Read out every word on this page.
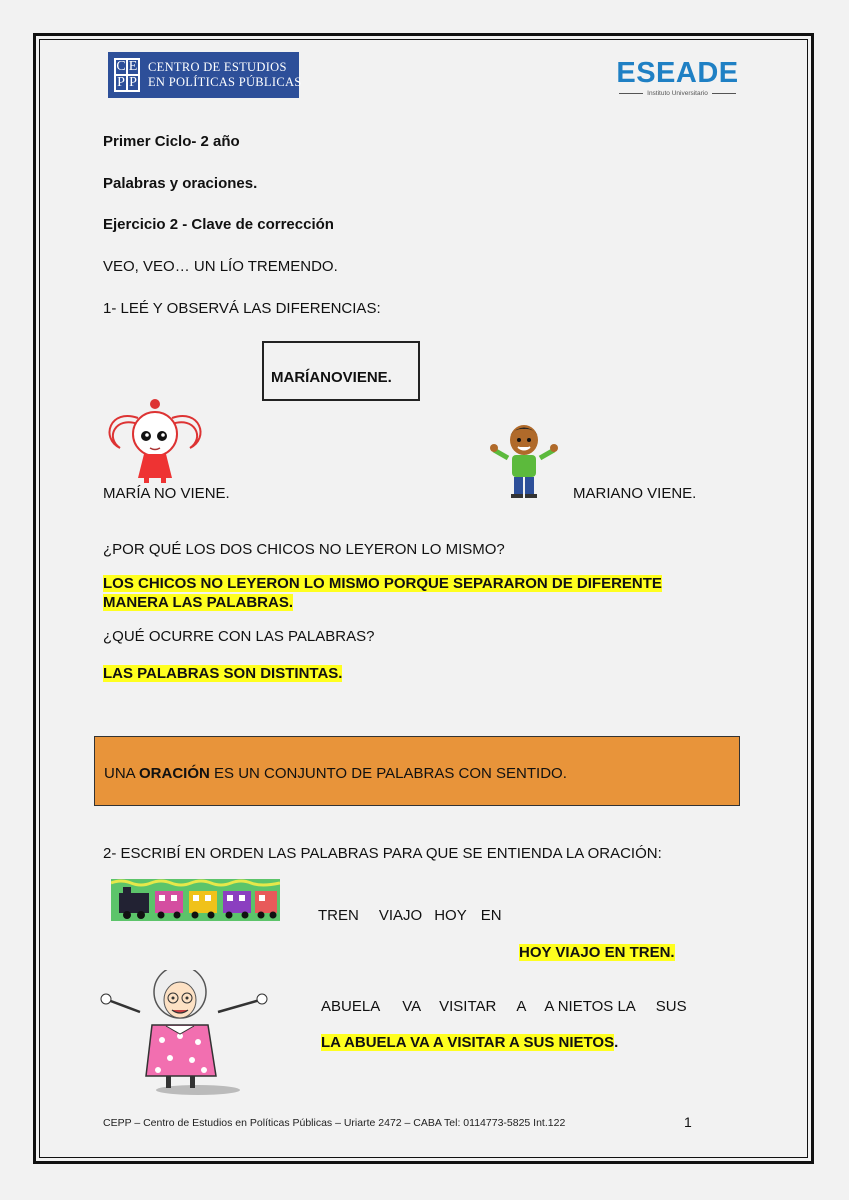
C E
P P
CENTRO DE ESTUDIOS
EN POLÍTICAS PÚBLICAS	ESEADE
Instituto Universitario
Primer Ciclo- 2 año
Palabras y oraciones.
Ejercicio 2 - Clave de corrección
VEO, VEO… UN LÍO TREMENDO.
1- LEÉ Y OBSERVÁ LAS DIFERENCIAS:
MARÍANOVIENE.
MARÍA NO VIENE.	MARIANO VIENE.
¿POR QUÉ LOS DOS CHICOS NO LEYERON LO MISMO?
LOS CHICOS NO LEYERON LO MISMO PORQUE SEPARARON DE DIFERENTE
MANERA LAS PALABRAS.
¿QUÉ OCURRE CON LAS PALABRAS?
LAS PALABRAS SON DISTINTAS.
UNA ORACIÓN ES UN CONJUNTO DE PALABRAS CON SENTIDO.
2- ESCRIBÍ EN ORDEN LAS PALABRAS PARA QUE SE ENTIENDA LA ORACIÓN:
TREN VIAJO HOY EN
HOY VIAJO EN TREN.
ABUELA VA VISITAR A A NIETOS LA SUS
LA ABUELA VA A VISITAR A SUS NIETOS.
CEPP – Centro de Estudios en Políticas Públicas – Uriarte 2472 – CABA Tel: 0114773-5825 Int.122	1
